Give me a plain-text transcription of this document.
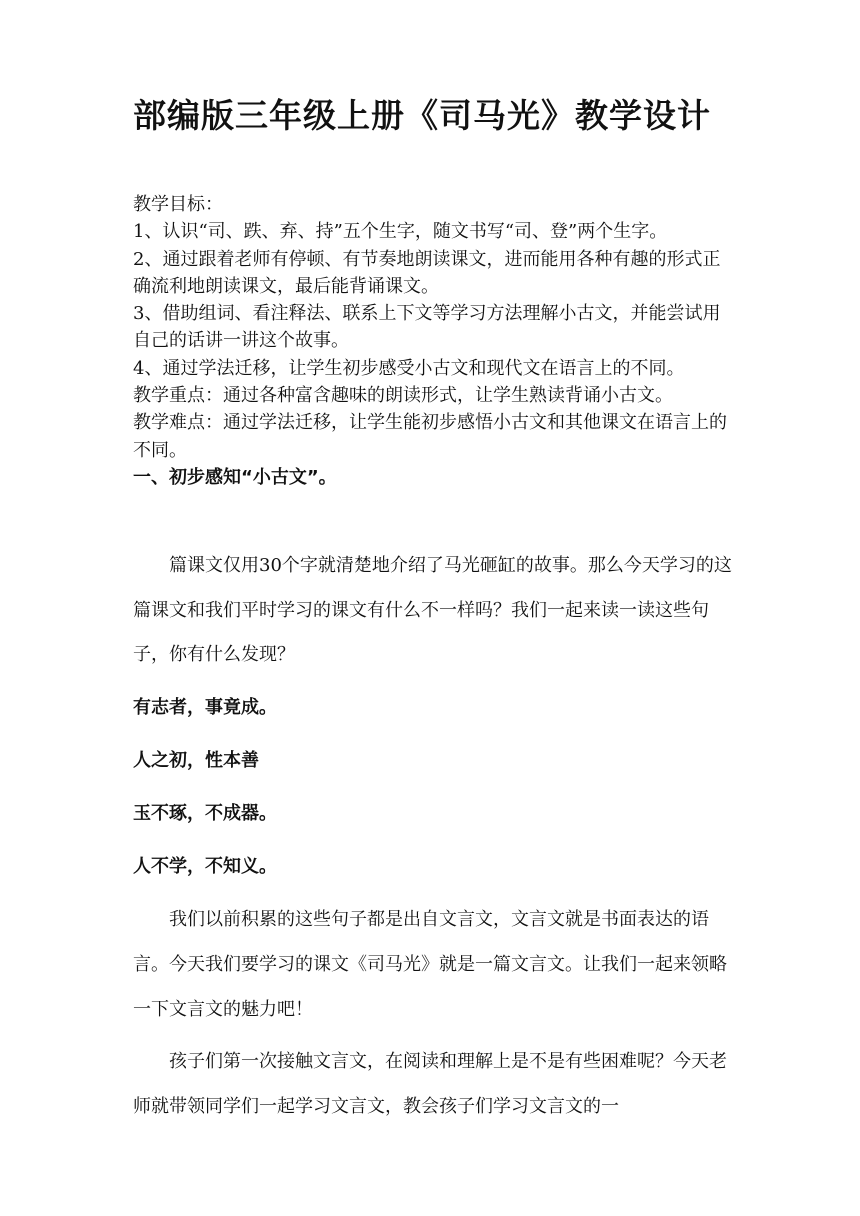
部编版三年级上册《司马光》教学设计

教学目标：

1、认识“司、跌、弃、持”五个生字，随文书写“司、登”两个生字。

2、通过跟着老师有停顿、有节奏地朗读课文，进而能用各种有趣的形式正确流利地朗读课文，最后能背诵课文。

3、借助组词、看注释法、联系上下文等学习方法理解小古文，并能尝试用自己的话讲一讲这个故事。

4、通过学法迁移，让学生初步感受小古文和现代文在语言上的不同。

教学重点：通过各种富含趣味的朗读形式，让学生熟读背诵小古文。

教学难点：通过学法迁移，让学生能初步感悟小古文和其他课文在语言上的不同。

一、初步感知“小古文”。

篇课文仅用30个字就清楚地介绍了马光砸缸的故事。那么今天学习的这篇课文和我们平时学习的课文有什么不一样吗？我们一起来读一读这些句子，你有什么发现？

有志者，事竟成。

人之初，性本善

玉不琢，不成器。

人不学，不知义。

我们以前积累的这些句子都是出自文言文，文言文就是书面表达的语言。今天我们要学习的课文《司马光》就是一篇文言文。让我们一起来领略一下文言文的魅力吧！

孩子们第一次接触文言文，在阅读和理解上是不是有些困难呢？今天老师就带领同学们一起学习文言文，教会孩子们学习文言文的一
